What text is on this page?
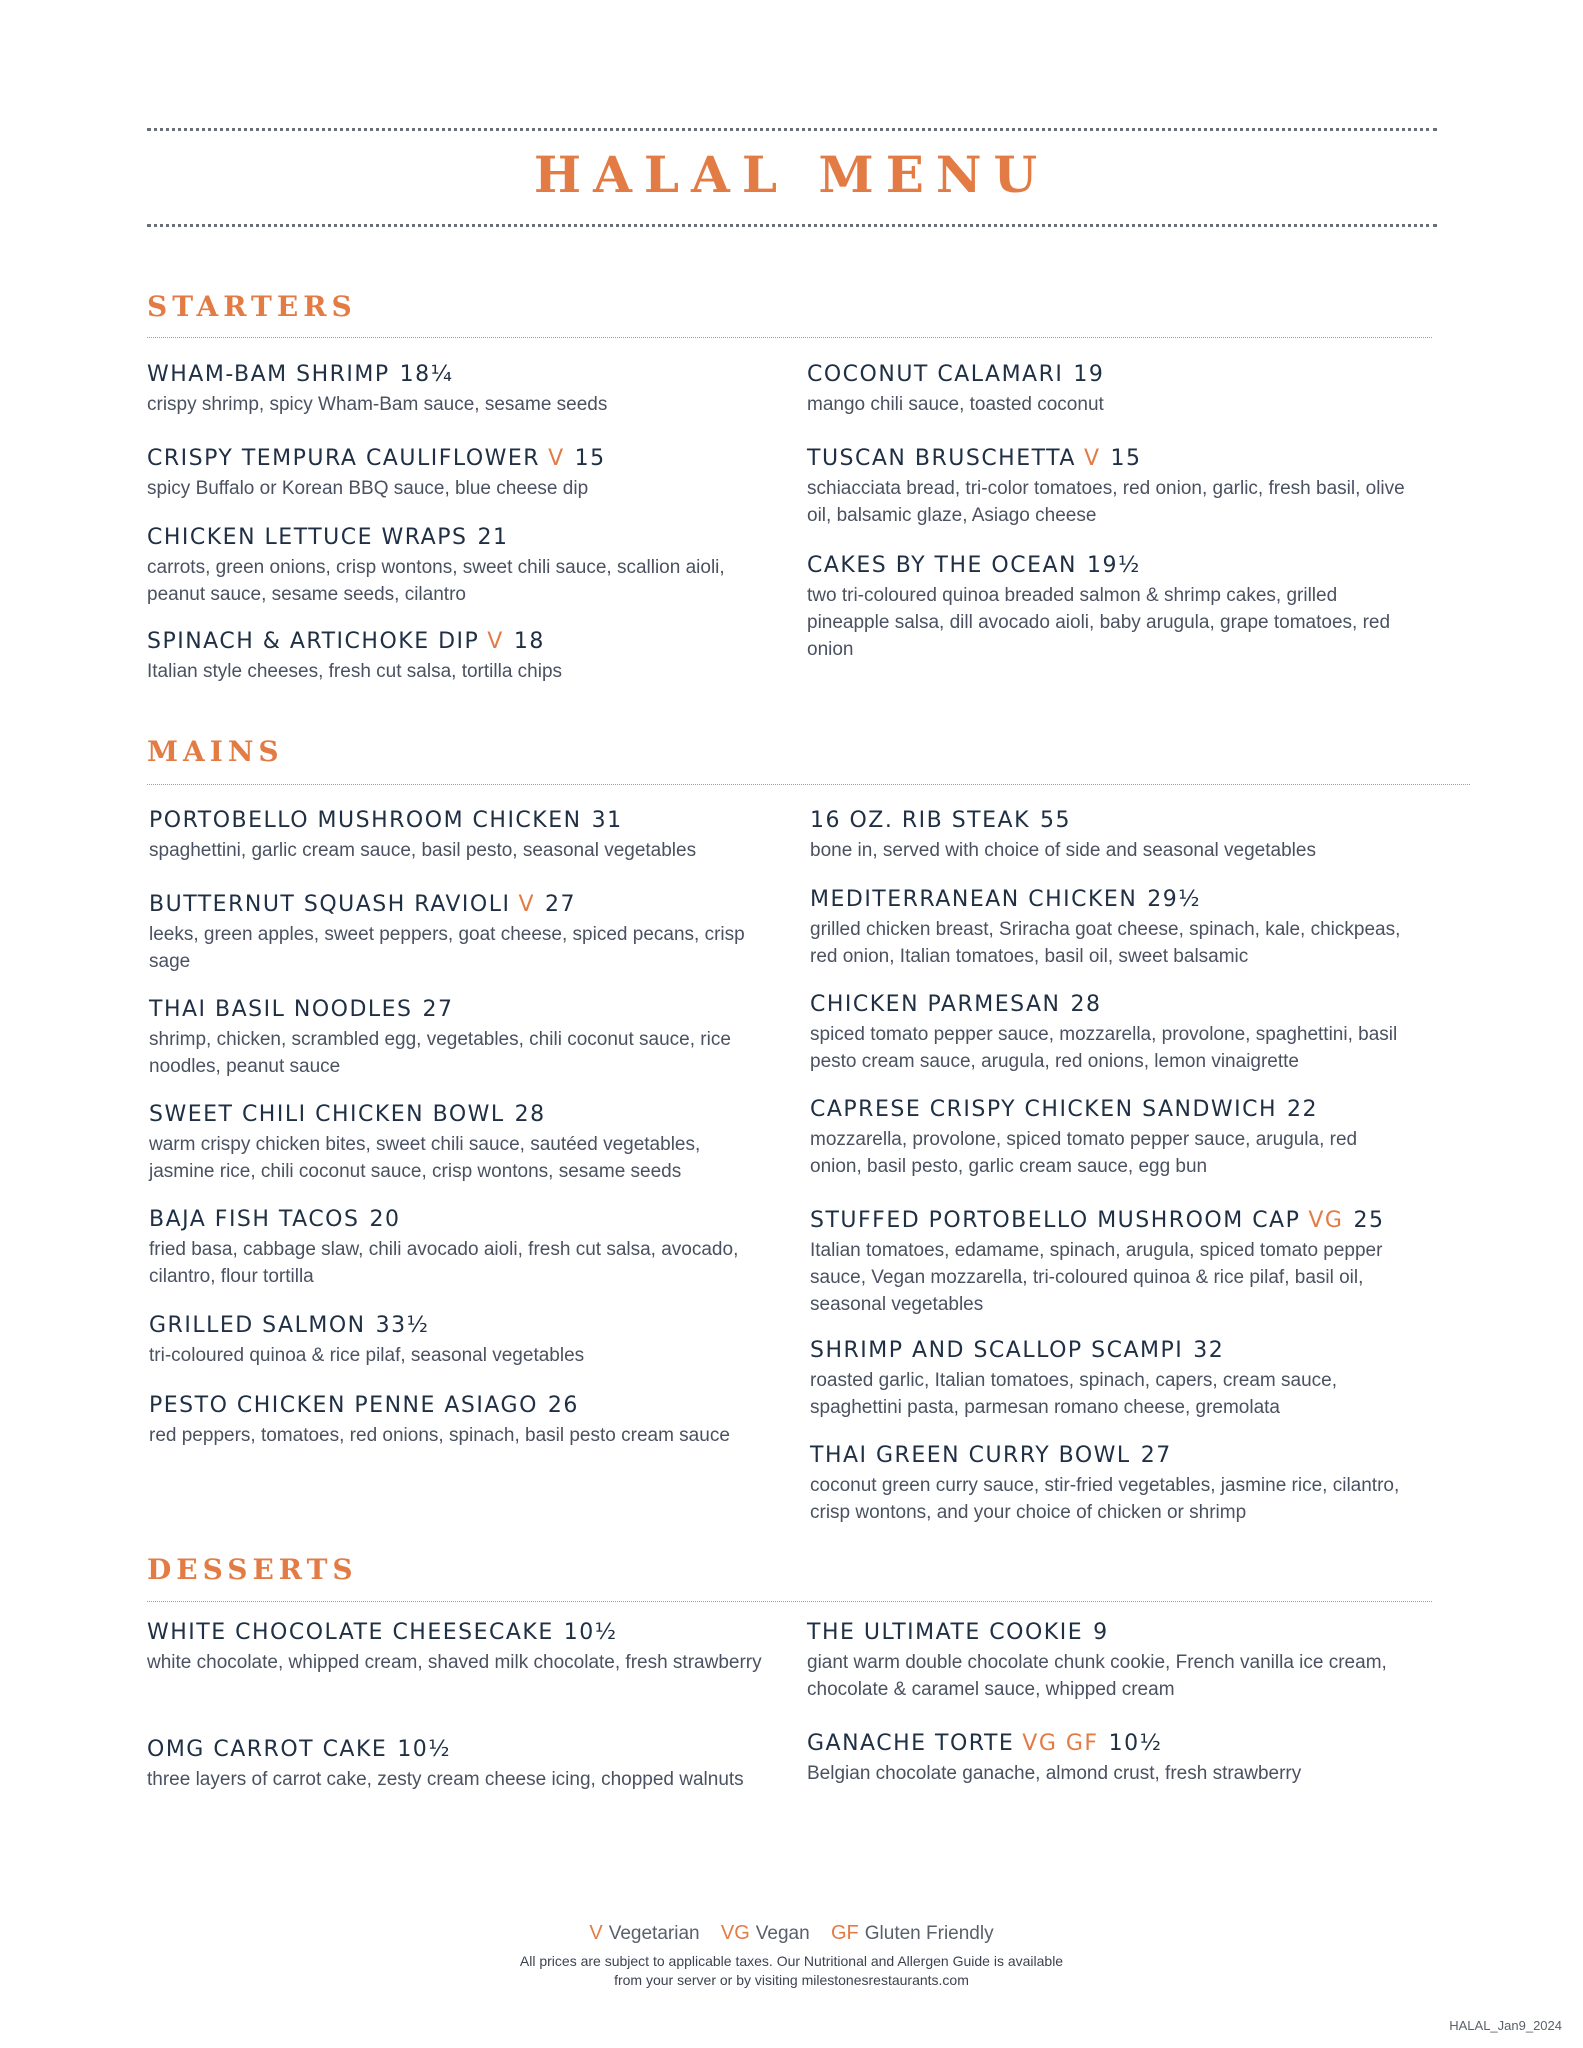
HALAL MENU
STARTERS
MAINS
DESSERTS
WHAM-BAM SHRIMP 18¼
crispy shrimp, spicy Wham-Bam sauce, sesame seeds
CRISPY TEMPURA CAULIFLOWER V 15
spicy Buffalo or Korean BBQ sauce, blue cheese dip
CHICKEN LETTUCE WRAPS 21
carrots, green onions, crisp wontons, sweet chili sauce, scallion aioli, peanut sauce, sesame seeds, cilantro
SPINACH & ARTICHOKE DIP V 18
Italian style cheeses, fresh cut salsa, tortilla chips
COCONUT CALAMARI 19
mango chili sauce, toasted coconut
TUSCAN BRUSCHETTA V 15
schiacciata bread, tri-color tomatoes, red onion, garlic, fresh basil, olive oil, balsamic glaze, Asiago cheese
CAKES BY THE OCEAN 19½
two tri-coloured quinoa breaded salmon & shrimp cakes, grilled pineapple salsa, dill avocado aioli, baby arugula, grape tomatoes, red onion
PORTOBELLO MUSHROOM CHICKEN 31
spaghettini, garlic cream sauce, basil pesto, seasonal vegetables
BUTTERNUT SQUASH RAVIOLI V 27
leeks, green apples, sweet peppers, goat cheese, spiced pecans, crisp sage
THAI BASIL NOODLES 27
shrimp, chicken, scrambled egg, vegetables, chili coconut sauce, rice noodles, peanut sauce
SWEET CHILI CHICKEN BOWL 28
warm crispy chicken bites, sweet chili sauce, sautéed vegetables, jasmine rice, chili coconut sauce, crisp wontons, sesame seeds
BAJA FISH TACOS 20
fried basa, cabbage slaw, chili avocado aioli, fresh cut salsa, avocado, cilantro, flour tortilla
GRILLED SALMON 33½
tri-coloured quinoa & rice pilaf, seasonal vegetables
PESTO CHICKEN PENNE ASIAGO 26
red peppers, tomatoes, red onions, spinach, basil pesto cream sauce
16 OZ. RIB STEAK 55
bone in, served with choice of side and seasonal vegetables
MEDITERRANEAN CHICKEN 29½
grilled chicken breast, Sriracha goat cheese, spinach, kale, chickpeas, red onion, Italian tomatoes, basil oil, sweet balsamic
CHICKEN PARMESAN 28
spiced tomato pepper sauce, mozzarella, provolone, spaghettini, basil pesto cream sauce, arugula, red onions, lemon vinaigrette
CAPRESE CRISPY CHICKEN SANDWICH 22
mozzarella, provolone, spiced tomato pepper sauce, arugula, red onion, basil pesto, garlic cream sauce, egg bun
STUFFED PORTOBELLO MUSHROOM CAP VG 25
Italian tomatoes, edamame, spinach, arugula, spiced tomato pepper sauce, Vegan mozzarella, tri-coloured quinoa & rice pilaf, basil oil, seasonal vegetables
SHRIMP AND SCALLOP SCAMPI 32
roasted garlic, Italian tomatoes, spinach, capers, cream sauce, spaghettini pasta, parmesan romano cheese, gremolata
THAI GREEN CURRY BOWL 27
coconut green curry sauce, stir-fried vegetables, jasmine rice, cilantro, crisp wontons, and your choice of chicken or shrimp
WHITE CHOCOLATE CHEESECAKE 10½
white chocolate, whipped cream, shaved milk chocolate, fresh strawberry
OMG CARROT CAKE 10½
three layers of carrot cake, zesty cream cheese icing, chopped walnuts
THE ULTIMATE COOKIE 9
giant warm double chocolate chunk cookie, French vanilla ice cream, chocolate & caramel sauce, whipped cream
GANACHE TORTE VG GF 10½
Belgian chocolate ganache, almond crust, fresh strawberry
V Vegetarian VG Vegan GF Gluten Friendly
All prices are subject to applicable taxes. Our Nutritional and Allergen Guide is available
from your server or by visiting milestonesrestaurants.com
HALAL_Jan9_2024
